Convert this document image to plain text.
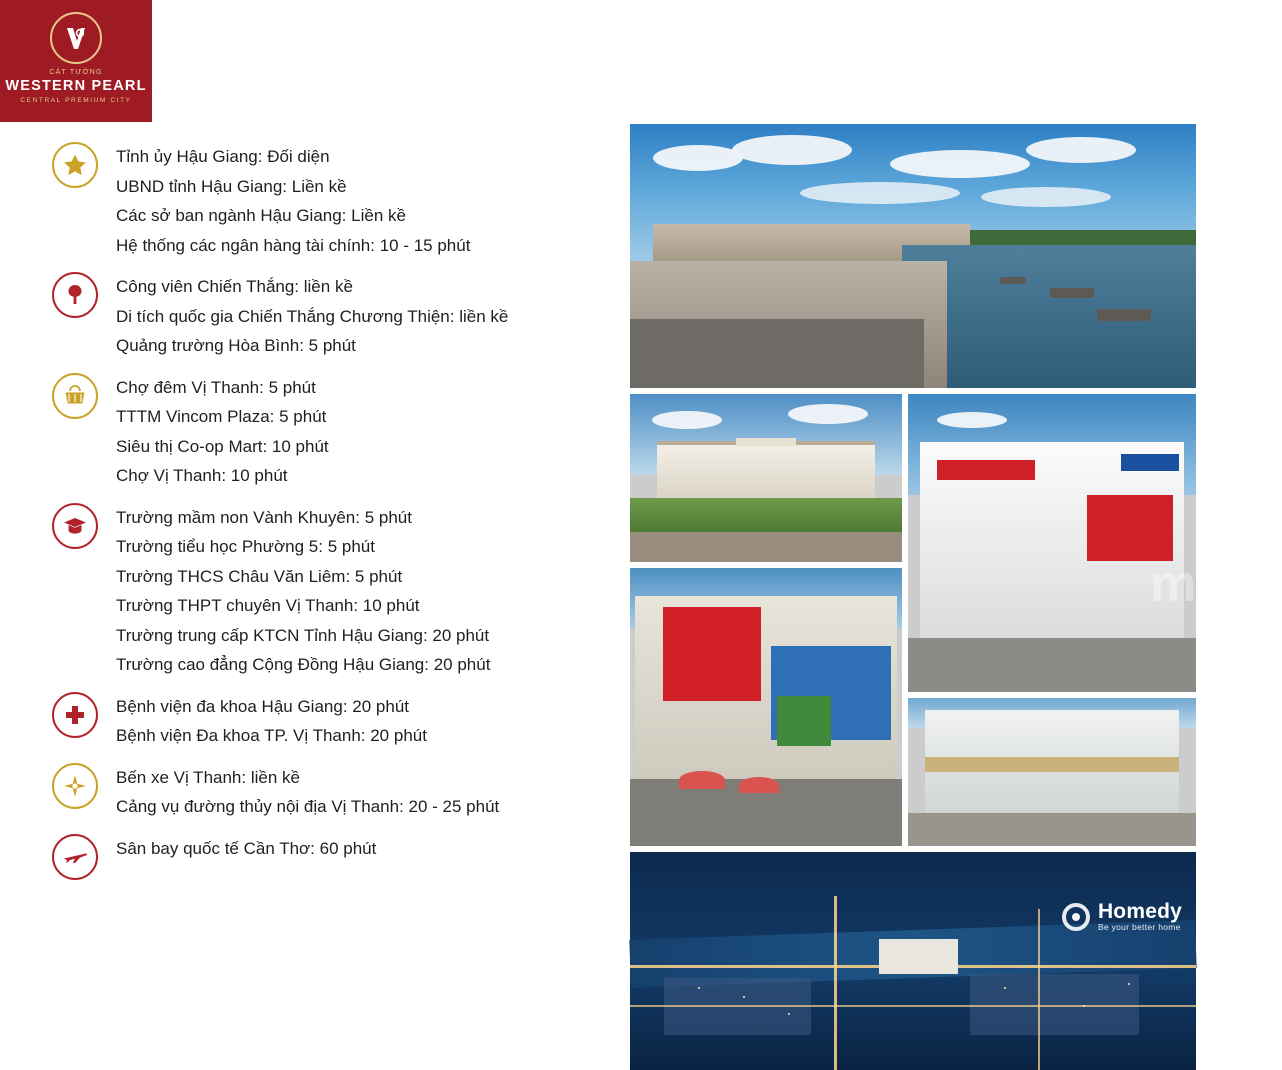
CÁT TƯỜNG
WESTERN PEARL
CENTRAL PREMIUM CITY
Tỉnh ủy Hậu Giang: Đối diện
UBND tỉnh Hậu Giang: Liền kề
Các sở ban ngành Hậu Giang: Liền kề
Hệ thống các ngân hàng tài chính: 10 - 15 phút
Công viên Chiến Thắng: liền kề
Di tích quốc gia Chiến Thắng Chương Thiện: liền kề
Quảng trường Hòa Bình: 5 phút
Chợ đêm Vị Thanh: 5 phút
TTTM Vincom Plaza: 5 phút
Siêu thị Co-op Mart: 10 phút
Chợ Vị Thanh: 10 phút
Trường mầm non Vành Khuyên: 5 phút
Trường tiểu học Phường 5: 5 phút
Trường THCS Châu Văn Liêm: 5 phút
Trường THPT chuyên Vị Thanh: 10 phút
Trường trung cấp KTCN Tỉnh Hậu Giang: 20 phút
Trường cao đẳng Cộng Đồng Hậu Giang: 20 phút
Bệnh viện đa khoa Hậu Giang: 20 phút
Bệnh viện Đa khoa TP. Vị Thanh: 20 phút
Bến xe Vị Thanh: liền kề
Cảng vụ đường thủy nội địa Vị Thanh: 20 - 25 phút
Sân bay quốc tế Cần Thơ: 60 phút
medy
Homedy
Be your better home
